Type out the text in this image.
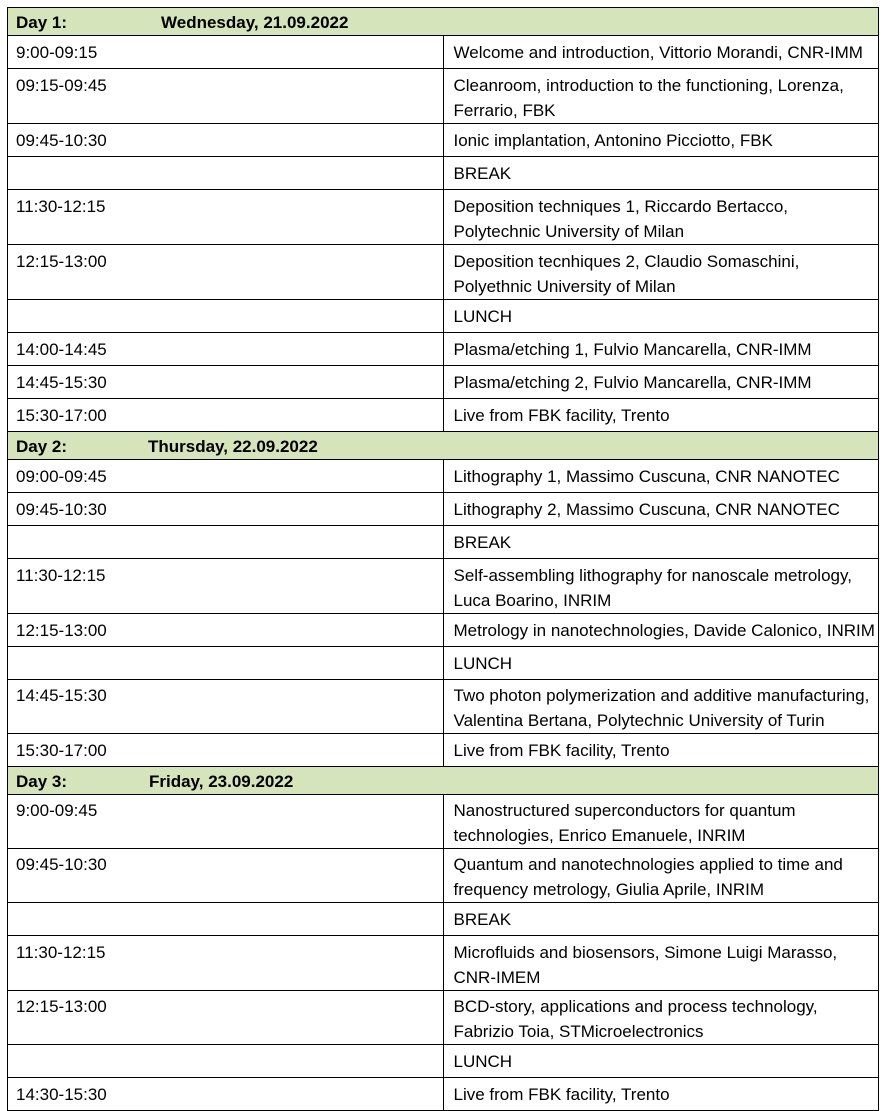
Day 1: Wednesday, 21.09.2022	
9:00-09:15	Welcome and introduction, Vittorio Morandi, CNR-IMM
09:15-09:45	Cleanroom, introduction to the functioning, Lorenza, Ferrario, FBK
09:45-10:30	Ionic implantation, Antonino Picciotto, FBK
	BREAK
11:30-12:15	Deposition techniques 1, Riccardo Bertacco, Polytechnic University of Milan
12:15-13:00	Deposition tecnhiques 2, Claudio Somaschini, Polyethnic University of Milan
	LUNCH
14:00-14:45	Plasma/etching 1, Fulvio Mancarella, CNR-IMM
14:45-15:30	Plasma/etching 2, Fulvio Mancarella, CNR-IMM
15:30-17:00	Live from FBK facility, Trento
Day 2: Thursday, 22.09.2022	
09:00-09:45	Lithography 1, Massimo Cuscuna, CNR NANOTEC
09:45-10:30	Lithography 2, Massimo Cuscuna, CNR NANOTEC
	BREAK
11:30-12:15	Self-assembling lithography for nanoscale metrology, Luca Boarino, INRIM
12:15-13:00	Metrology in nanotechnologies, Davide Calonico, INRIM
	LUNCH
14:45-15:30	Two photon polymerization and additive manufacturing, Valentina Bertana, Polytechnic University of Turin
15:30-17:00	Live from FBK facility, Trento
Day 3: Friday, 23.09.2022	
9:00-09:45	Nanostructured superconductors for quantum technologies, Enrico Emanuele, INRIM
09:45-10:30	Quantum and nanotechnologies applied to time and frequency metrology, Giulia Aprile, INRIM
	BREAK
11:30-12:15	Microfluids and biosensors, Simone Luigi Marasso, CNR-IMEM
12:15-13:00	BCD-story, applications and process technology, Fabrizio Toia, STMicroelectronics
	LUNCH
14:30-15:30	Live from FBK facility, Trento
